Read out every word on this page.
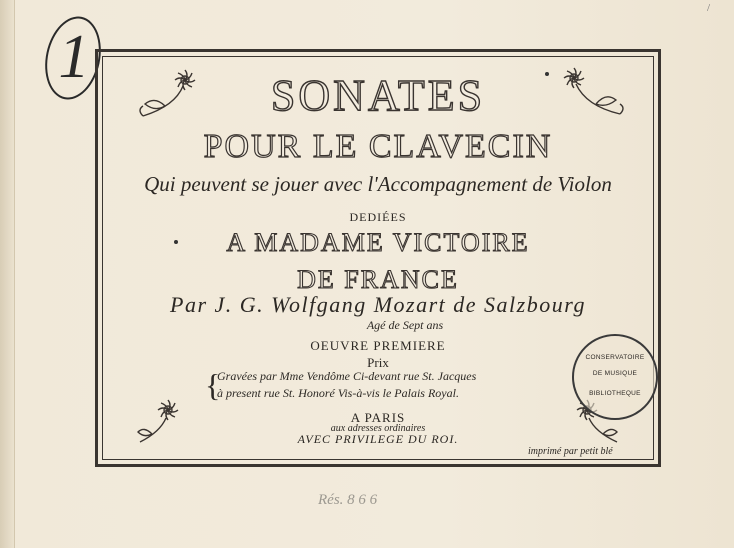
1
/
SONATES
POUR LE CLAVECIN
Qui peuvent se jouer avec l'Accompagnement de Violon
DEDIÉES
A MADAME VICTOIRE
DE FRANCE
Par J. G. Wolfgang Mozart de Salzbourg
Agé de Sept ans
OEUVRE PREMIERE
Prix
{
Gravées par Mme Vendôme Ci-devant rue St. Jacques
à present rue St. Honoré Vis-à-vis le Palais Royal.
A PARIS
aux adresses ordinaires
AVEC PRIVILEGE DU ROI.
imprimé par petit blé
CONSERVATOIRE
DE MUSIQUE
BIBLIOTHEQUE
Rés. 8 6 6
